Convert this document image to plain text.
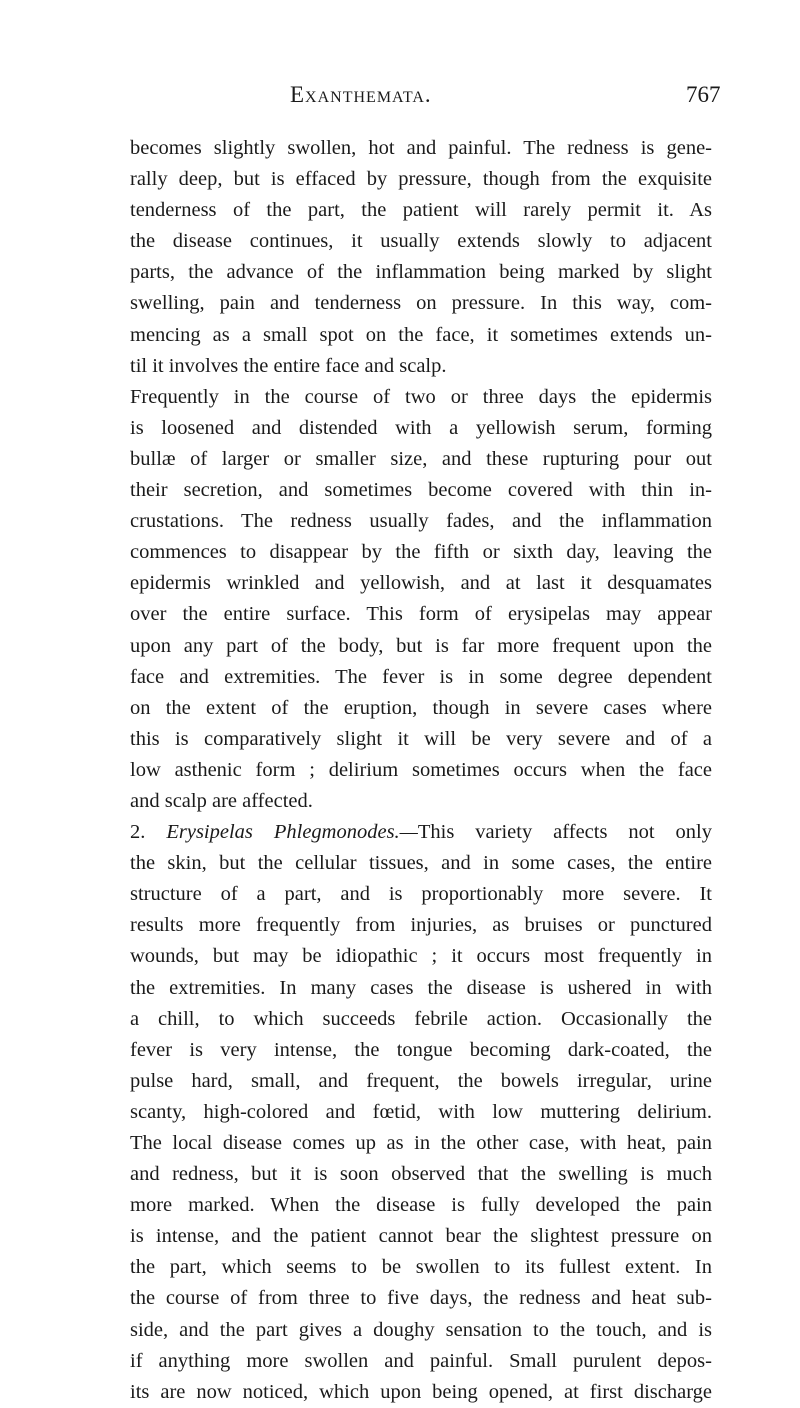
Exanthemata.	767
becomes slightly swollen, hot and painful. The redness is gene-
rally deep, but is effaced by pressure, though from the exquisite
tenderness of the part, the patient will rarely permit it. As
the disease continues, it usually extends slowly to adjacent
parts, the advance of the inflammation being marked by slight
swelling, pain and tenderness on pressure. In this way, com-
mencing as a small spot on the face, it sometimes extends un-
til it involves the entire face and scalp.
Frequently in the course of two or three days the epidermis
is loosened and distended with a yellowish serum, forming
bullæ of larger or smaller size, and these rupturing pour out
their secretion, and sometimes become covered with thin in-
crustations. The redness usually fades, and the inflammation
commences to disappear by the fifth or sixth day, leaving the
epidermis wrinkled and yellowish, and at last it desquamates
over the entire surface. This form of erysipelas may appear
upon any part of the body, but is far more frequent upon the
face and extremities. The fever is in some degree dependent
on the extent of the eruption, though in severe cases where
this is comparatively slight it will be very severe and of a
low asthenic form ; delirium sometimes occurs when the face
and scalp are affected.
2. Erysipelas Phlegmonodes.—This variety affects not only
the skin, but the cellular tissues, and in some cases, the entire
structure of a part, and is proportionably more severe. It
results more frequently from injuries, as bruises or punctured
wounds, but may be idiopathic ; it occurs most frequently in
the extremities. In many cases the disease is ushered in with
a chill, to which succeeds febrile action. Occasionally the
fever is very intense, the tongue becoming dark-coated, the
pulse hard, small, and frequent, the bowels irregular, urine
scanty, high-colored and fœtid, with low muttering delirium.
The local disease comes up as in the other case, with heat, pain
and redness, but it is soon observed that the swelling is much
more marked. When the disease is fully developed the pain
is intense, and the patient cannot bear the slightest pressure on
the part, which seems to be swollen to its fullest extent. In
the course of from three to five days, the redness and heat sub-
side, and the part gives a doughy sensation to the touch, and is
if anything more swollen and painful. Small purulent depos-
its are now noticed, which upon being opened, at first discharge
